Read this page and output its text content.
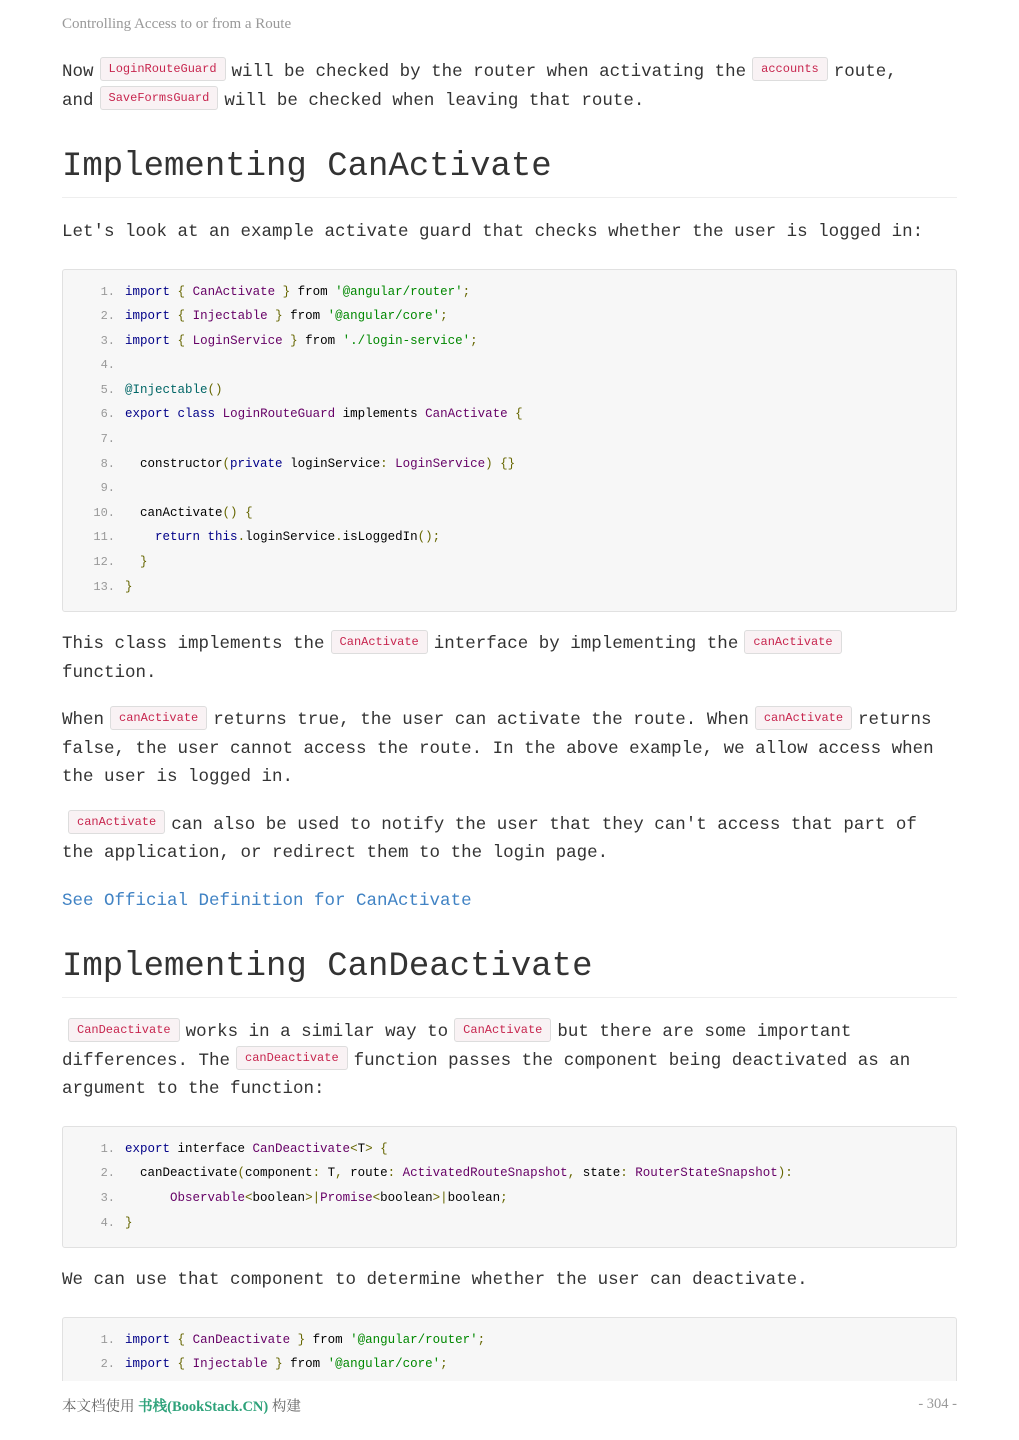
Controlling Access to or from a Route

Now LoginRouteGuard will be checked by the router when activating the accounts route,
and SaveFormsGuard will be checked when leaving that route.

Implementing CanActivate

Let's look at an example activate guard that checks whether the user is logged in:

1. import { CanActivate } from '@angular/router';
2. import { Injectable } from '@angular/core';
3. import { LoginService } from './login-service';
4.
5. @Injectable()
6. export class LoginRouteGuard implements CanActivate {
7.
8. constructor(private loginService: LoginService) {}
9.
10. canActivate() {
11.	return this.loginService.isLoggedIn();
12.	}
13. }

This class implements the CanActivate interface by implementing the canActivate
function.

When canActivate returns true, the user can activate the route. When canActivate returns false, the user cannot access the route. In the above example, we allow access when the user is logged in.

canActivate can also be used to notify the user that they can't access that part of the application, or redirect them to the login page.

See Official Definition for CanActivate

Implementing CanDeactivate

CanDeactivate works in a similar way to CanActivate but there are some important differences. The canDeactivate function passes the component being deactivated as an argument to the function:

1. export interface CanDeactivate<T> {
2. canDeactivate(component: T, route: ActivatedRouteSnapshot, state: RouterStateSnapshot):
3.	Observable<boolean>|Promise<boolean>|boolean;
4. }

We can use that component to determine whether the user can deactivate.

1. import { CanDeactivate } from '@angular/router';
2. import { Injectable } from '@angular/core';
本文档使用 书栈(BookStack.CN) 构建	- 304 -
